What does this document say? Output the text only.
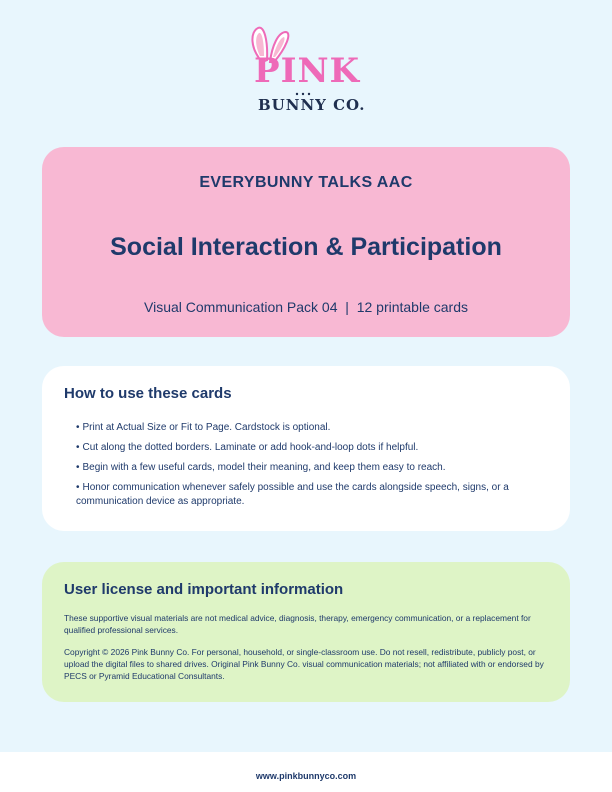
PINK
BUNNY CO.
EVERYBUNNY TALKS AAC
Social Interaction & Participation
Visual Communication Pack 04  |  12 printable cards
How to use these cards
• Print at Actual Size or Fit to Page. Cardstock is optional.
• Cut along the dotted borders. Laminate or add hook-and-loop dots if helpful.
• Begin with a few useful cards, model their meaning, and keep them easy to reach.
• Honor communication whenever safely possible and use the cards alongside speech, signs, or a communication device as appropriate.
User license and important information
These supportive visual materials are not medical advice, diagnosis, therapy, emergency communication, or a replacement for qualified professional services.
Copyright © 2026 Pink Bunny Co. For personal, household, or single-classroom use. Do not resell, redistribute, publicly post, or upload the digital files to shared drives. Original Pink Bunny Co. visual communication materials; not affiliated with or endorsed by PECS or Pyramid Educational Consultants.
www.pinkbunnyco.com
